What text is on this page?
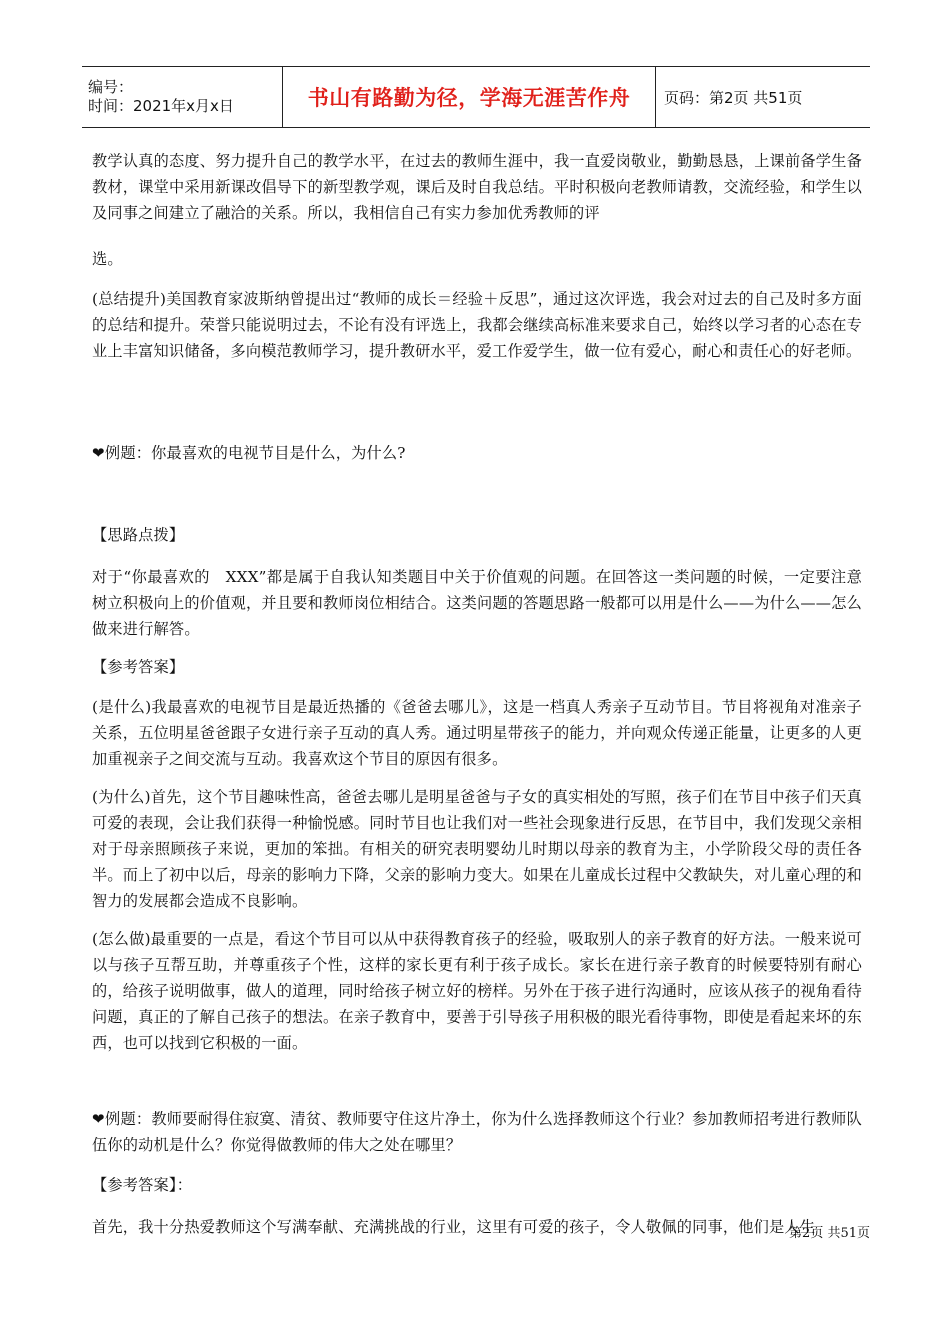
编号：
时间：2021年x月x日	书山有路勤为径，学海无涯苦作舟 页码：第2页 共51页

教学认真的态度、努力提升自己的教学水平，在过去的教师生涯中，我一直爱岗敬业，勤勤恳恳，上课前备学生备教材，课堂中采用新课改倡导下的新型教学观，课后及时自我总结。平时积极向老教师请教，交流经验，和学生以及同事之间建立了融洽的关系。所以，我相信自己有实力参加优秀教师的评

选。

(总结提升)美国教育家波斯纳曾提出过“教师的成长＝经验＋反思”，通过这次评选，我会对过去的自己及时多方面的总结和提升。荣誉只能说明过去，不论有没有评选上，我都会继续高标准来要求自己，始终以学习者的心态在专业上丰富知识储备，多向模范教师学习，提升教研水平，爱工作爱学生，做一位有爱心，耐心和责任心的好老师。

❤例题：你最喜欢的电视节目是什么，为什么?

【思路点拨】

对于“你最喜欢的　XXX”都是属于自我认知类题目中关于价值观的问题。在回答这一类问题的时候，一定要注意树立积极向上的价值观，并且要和教师岗位相结合。这类问题的答题思路一般都可以用是什么——为什么——怎么做来进行解答。

【参考答案】

(是什么)我最喜欢的电视节目是最近热播的《爸爸去哪儿》，这是一档真人秀亲子互动节目。节目将视角对准亲子关系，五位明星爸爸跟子女进行亲子互动的真人秀。通过明星带孩子的能力，并向观众传递正能量，让更多的人更加重视亲子之间交流与互动。我喜欢这个节目的原因有很多。

(为什么)首先，这个节目趣味性高，爸爸去哪儿是明星爸爸与子女的真实相处的写照，孩子们在节目中孩子们天真可爱的表现，会让我们获得一种愉悦感。同时节目也让我们对一些社会现象进行反思，在节目中，我们发现父亲相对于母亲照顾孩子来说，更加的笨拙。有相关的研究表明婴幼儿时期以母亲的教育为主，小学阶段父母的责任各半。而上了初中以后，母亲的影响力下降，父亲的影响力变大。如果在儿童成长过程中父教缺失，对儿童心理的和智力的发展都会造成不良影响。

(怎么做)最重要的一点是，看这个节目可以从中获得教育孩子的经验，吸取别人的亲子教育的好方法。一般来说可以与孩子互帮互助，并尊重孩子个性，这样的家长更有利于孩子成长。家长在进行亲子教育的时候要特别有耐心的，给孩子说明做事，做人的道理，同时给孩子树立好的榜样。另外在于孩子进行沟通时，应该从孩子的视角看待问题，真正的了解自己孩子的想法。在亲子教育中，要善于引导孩子用积极的眼光看待事物，即使是看起来坏的东西，也可以找到它积极的一面。

❤例题：教师要耐得住寂寞、清贫、教师要守住这片净土，你为什么选择教师这个行业？参加教师招考进行教师队伍你的动机是什么？你觉得做教师的伟大之处在哪里？

【参考答案】：

首先，我十分热爱教师这个写满奉献、充满挑战的行业，这里有可爱的孩子，令人敬佩的同事，他们是人生

第2页 共51页
